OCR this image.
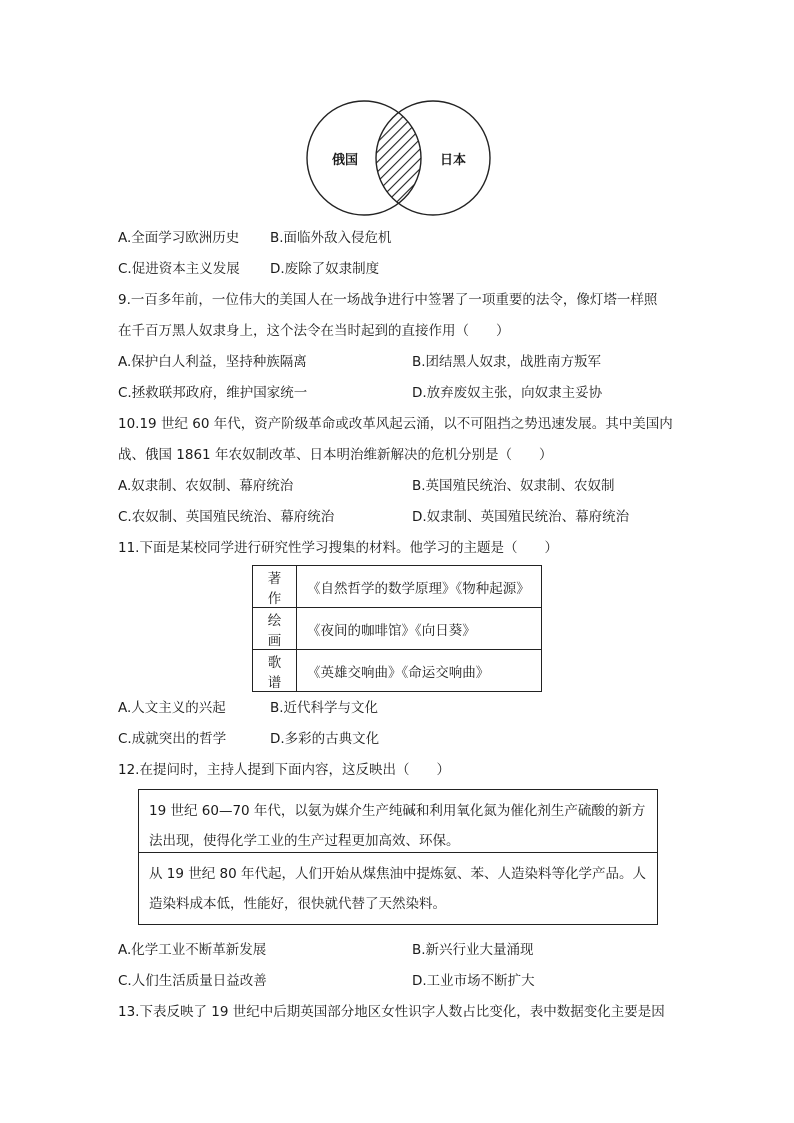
俄国	日本
A.全面学习欧洲历史 B.面临外敌入侵危机
C.促进资本主义发展 D.废除了奴隶制度
9.一百多年前，一位伟大的美国人在一场战争进行中签署了一项重要的法令，像灯塔一样照
在千百万黑人奴隶身上，这个法令在当时起到的直接作用（　　）
A.保护白人利益，坚持种族隔离	B.团结黑人奴隶，战胜南方叛军
C.拯救联邦政府，维护国家统一	D.放弃废奴主张，向奴隶主妥协
10.19 世纪 60 年代，资产阶级革命或改革风起云涌，以不可阻挡之势迅速发展。其中美国内
战、俄国 1861 年农奴制改革、日本明治维新解决的危机分别是（　　）
A.奴隶制、农奴制、幕府统治	B.英国殖民统治、奴隶制、农奴制
C.农奴制、英国殖民统治、幕府统治	D.奴隶制、英国殖民统治、幕府统治
11.下面是某校同学进行研究性学习搜集的材料。他学习的主题是（　　）
著作	《自然哲学的数学原理》《物种起源》
绘画	《夜间的咖啡馆》《向日葵》
歌谱	《英雄交响曲》《命运交响曲》
A.人文主义的兴起	B.近代科学与文化
C.成就突出的哲学	D.多彩的古典文化
12.在提问时，主持人提到下面内容，这反映出（　　）
19 世纪 60—70 年代，以氨为媒介生产纯碱和利用氧化氮为催化剂生产硫酸的新方法出现，使得化学工业的生产过程更加高效、环保。
从 19 世纪 80 年代起，人们开始从煤焦油中提炼氨、苯、人造染料等化学产品。人造染料成本低，性能好，很快就代替了天然染料。
A.化学工业不断革新发展	B.新兴行业大量涌现
C.人们生活质量日益改善	D.工业市场不断扩大
13.下表反映了 19 世纪中后期英国部分地区女性识字人数占比变化，表中数据变化主要是因
